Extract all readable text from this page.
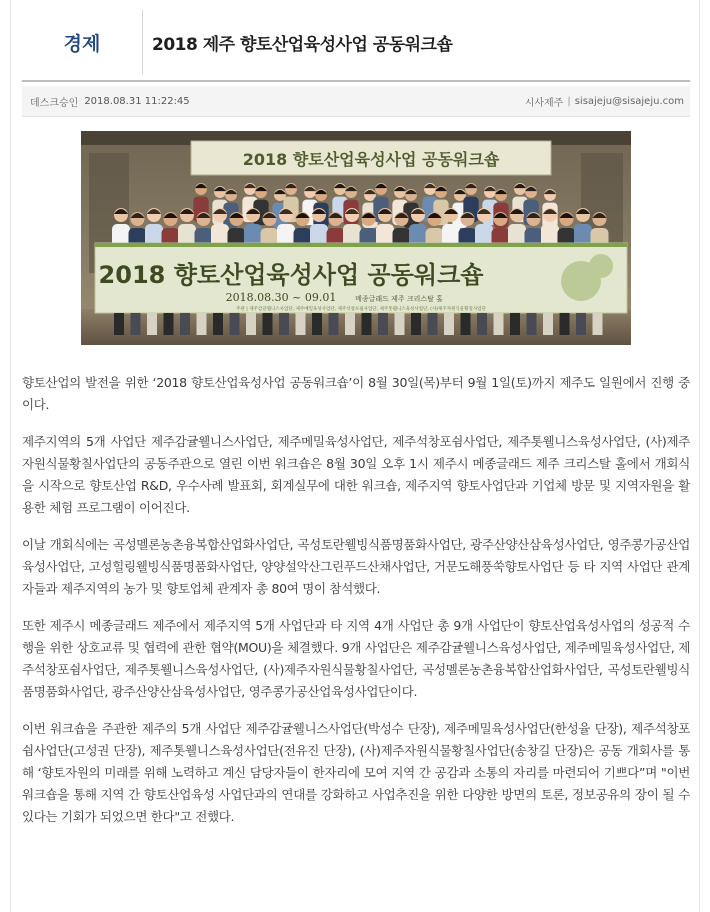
경제	2018 제주 향토산업육성사업 공동워크숍
데스크승인 2018.08.31 11:22:45	시사제주 | sisajeju@sisajeju.com
2018 향토산업육성사업 공동워크숍
2018 향토산업육성사업 공동워크숍
2018.08.30 ~ 09.01	메종글래드 제주 크리스탈 홀
주관 | 제주감귤웰니스사업단, 제주메밀육성사업단, 제주석창포쉼사업단, 제주톳웰니스육성사업단, (사)제주자원식물황칠사업단

향토산업의 발전을 위한 ‘2018 향토산업육성사업 공동워크숍’이 8월 30일(목)부터 9월 1일(토)까지 제주도 일원에서 진행 중이다.

제주지역의 5개 사업단 제주감귤웰니스사업단, 제주메밀육성사업단, 제주석창포쉼사업단, 제주톳웰니스육성사업단, (사)제주자원식물황칠사업단의 공동주관으로 열린 이번 워크숍은 8월 30일 오후 1시 제주시 메종글래드 제주 크리스탈 홀에서 개회식을 시작으로 향토산업 R&D, 우수사례 발표회, 회계실무에 대한 워크숍, 제주지역 향토사업단과 기업체 방문 및 지역자원을 활용한 체험 프로그램이 이어진다.

이날 개회식에는 곡성멜론농촌융복합산업화사업단, 곡성토란웰빙식품명품화사업단, 광주산양산삼육성사업단, 영주콩가공산업육성사업단, 고성힐링웰빙식품명품화사업단, 양양설악산그린푸드산채사업단, 거문도해풍쑥향토사업단 등 타 지역 사업단 관계자들과 제주지역의 농가 및 향토업체 관계자 총 80여 명이 참석했다.

또한 제주시 메종글래드 제주에서 제주지역 5개 사업단과 타 지역 4개 사업단 총 9개 사업단이 향토산업육성사업의 성공적 수행을 위한 상호교류 및 협력에 관한 협약(MOU)을 체결했다. 9개 사업단은 제주감귤웰니스육성사업단, 제주메밀육성사업단, 제주석창포쉼사업단, 제주톳웰니스육성사업단, (사)제주자원식물황칠사업단, 곡성멜론농촌융복합산업화사업단, 곡성토란웰빙식품명품화사업단, 광주산양산삼육성사업단, 영주콩가공산업육성사업단이다.

이번 워크숍을 주관한 제주의 5개 사업단 제주감귤웰니스사업단(박성수 단장), 제주메밀육성사업단(한성율 단장), 제주석창포쉼사업단(고성권 단장), 제주톳웰니스육성사업단(전유진 단장), (사)제주자원식물황칠사업단(송창길 단장)은 공동 개회사를 통해 ‘향토자원의 미래를 위해 노력하고 계신 담당자들이 한자리에 모여 지역 간 공감과 소통의 자리를 마련되어 기쁘다”며 "이번 워크숍을 통해 지역 간 향토산업육성 사업단과의 연대를 강화하고 사업추진을 위한 다양한 방면의 토론, 정보공유의 장이 될 수 있다는 기회가 되었으면 한다"고 전했다.
